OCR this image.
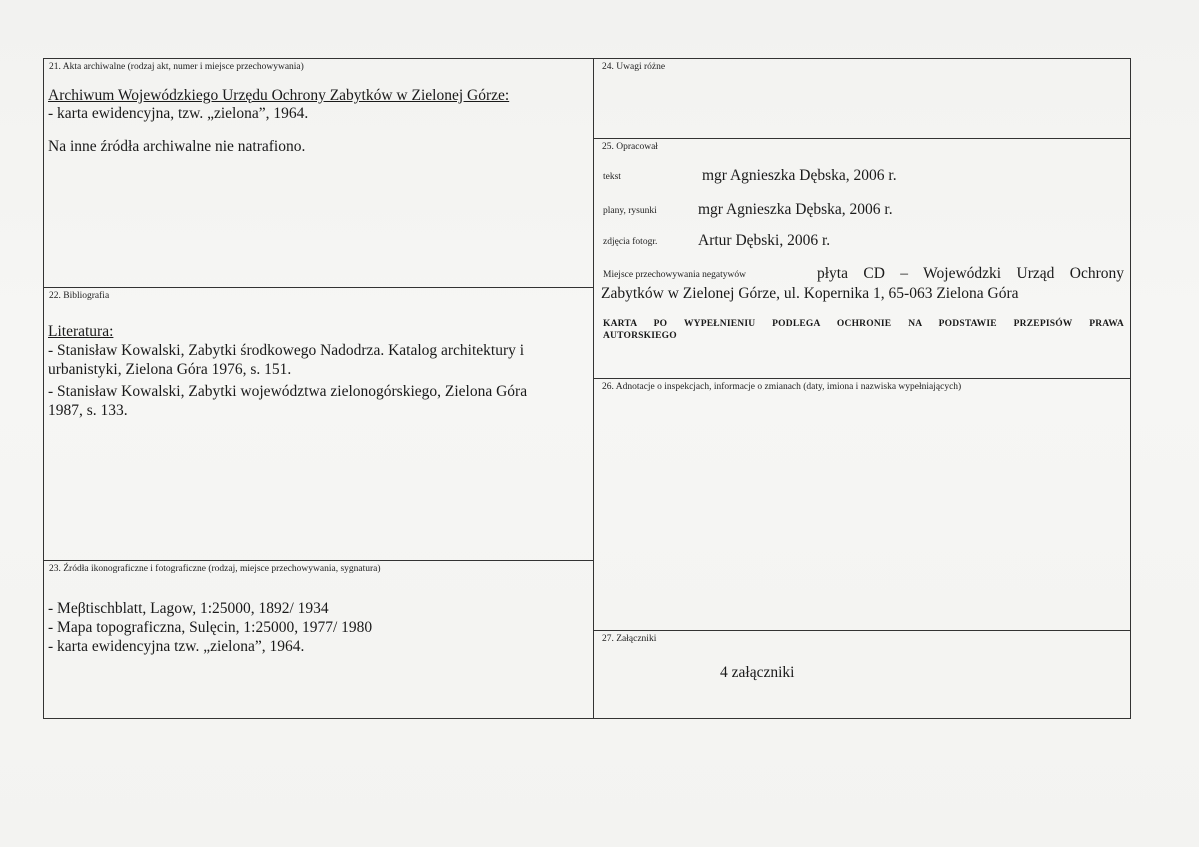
21. Akta archiwalne (rodzaj akt, numer i miejsce przechowywania)
Archiwum Wojewódzkiego Urzędu Ochrony Zabytków w Zielonej Górze:
- karta ewidencyjna, tzw. „zielona”, 1964.
Na inne źródła archiwalne nie natrafiono.
22. Bibliografia
Literatura:
- Stanisław Kowalski, Zabytki środkowego Nadodrza. Katalog architektury i
urbanistyki, Zielona Góra 1976, s. 151.
- Stanisław Kowalski, Zabytki województwa zielonogórskiego, Zielona Góra
1987, s. 133.
23. Źródła ikonograficzne i fotograficzne (rodzaj, miejsce przechowywania, sygnatura)
- Meβtischblatt, Lagow, 1:25000, 1892/ 1934
- Mapa topograficzna, Sulęcin, 1:25000, 1977/ 1980
- karta ewidencyjna tzw. „zielona”, 1964.
24. Uwagi różne
25. Opracował
tekst	mgr Agnieszka Dębska, 2006 r.
plany, rysunki	mgr Agnieszka Dębska, 2006 r.
zdjęcia fotogr.	Artur Dębski, 2006 r.
Miejsce przechowywania negatywów	płyta CD – Wojewódzki Urząd Ochrony
Zabytków w Zielonej Górze, ul. Kopernika 1, 65-063 Zielona Góra
KARTA PO WYPEŁNIENIU PODLEGA OCHRONIE NA PODSTAWIE PRZEPISÓW PRAWA
AUTORSKIEGO
26. Adnotacje o inspekcjach, informacje o zmianach (daty, imiona i nazwiska wypełniających)
27. Załączniki
4 załączniki
